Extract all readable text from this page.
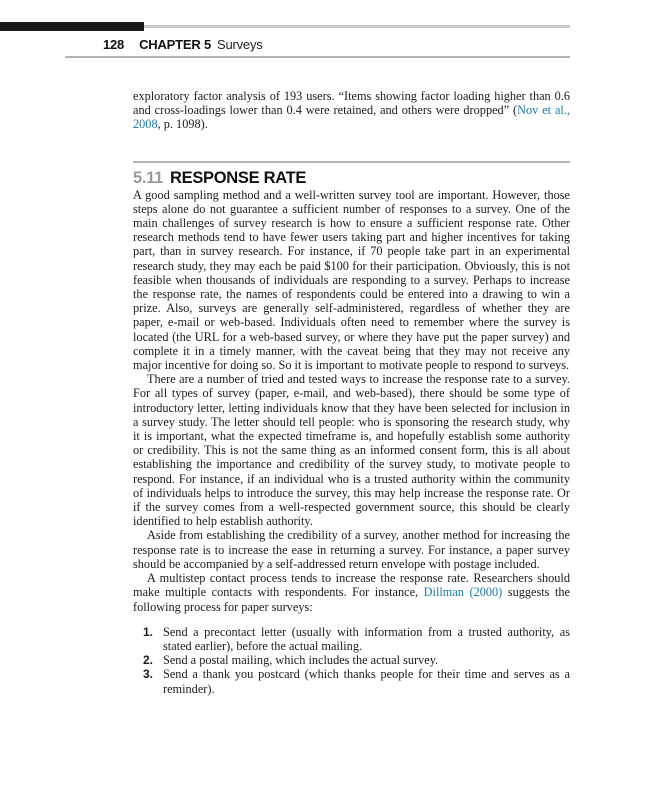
128 CHAPTER 5 Surveys

exploratory factor analysis of 193 users. “Items showing factor loading higher than 0.6 and cross-loadings lower than 0.4 were retained, and others were dropped” (Nov et al., 2008, p. 1098).

5.11 RESPONSE RATE

A good sampling method and a well-written survey tool are important. However, those steps alone do not guarantee a sufficient number of responses to a survey. One of the main challenges of survey research is how to ensure a sufficient response rate. Other research methods tend to have fewer users taking part and higher incentives for taking part, than in survey research. For instance, if 70 people take part in an experimental research study, they may each be paid $100 for their participation. Obviously, this is not feasible when thousands of individuals are responding to a survey. Perhaps to increase the response rate, the names of respondents could be entered into a drawing to win a prize. Also, surveys are generally self-administered, regardless of whether they are paper, e-mail or web-based. Individuals often need to remember where the survey is located (the URL for a web-based survey, or where they have put the paper survey) and complete it in a timely manner, with the caveat being that they may not receive any major incentive for doing so. So it is important to motivate people to respond to surveys.

There are a number of tried and tested ways to increase the response rate to a survey. For all types of survey (paper, e-mail, and web-based), there should be some type of introductory letter, letting individuals know that they have been selected for inclusion in a survey study. The letter should tell people: who is sponsoring the research study, why it is important, what the expected timeframe is, and hopefully establish some authority or credibility. This is not the same thing as an informed consent form, this is all about establishing the importance and credibility of the survey study, to motivate people to respond. For instance, if an individual who is a trusted authority within the community of individuals helps to introduce the survey, this may help increase the response rate. Or if the survey comes from a well-respected government source, this should be clearly identified to help establish authority.

Aside from establishing the credibility of a survey, another method for increasing the response rate is to increase the ease in returning a survey. For instance, a paper survey should be accompanied by a self-addressed return envelope with postage included.

A multistep contact process tends to increase the response rate. Researchers should make multiple contacts with respondents. For instance, Dillman (2000) suggests the following process for paper surveys:

1. Send a precontact letter (usually with information from a trusted authority, as stated earlier), before the actual mailing.
2. Send a postal mailing, which includes the actual survey.
3. Send a thank you postcard (which thanks people for their time and serves as a reminder).
